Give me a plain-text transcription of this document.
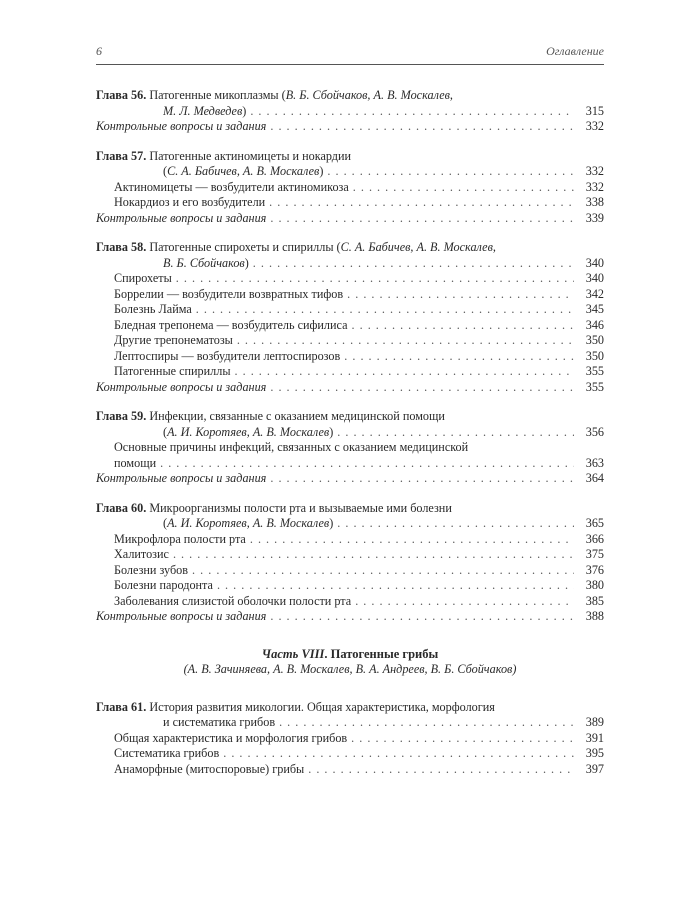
6	Оглавление
Глава 56. Патогенные микоплазмы (В. Б. Сбойчаков, А. В. Москалев,
М. Л. Медведев) . . .	315
Контрольные вопросы и задания . . .	332
Глава 57. Патогенные актиномицеты и нокардии
(С. А. Бабичев, А. В. Москалев) . . .	332
Актиномицеты — возбудители актиномикоза . . .	332
Нокардиоз и его возбудители . . .	338
Контрольные вопросы и задания . . .	339
Глава 58. Патогенные спирохеты и спириллы (С. А. Бабичев, А. В. Москалев,
В. Б. Сбойчаков) . . .	340
Спирохеты . . .	340
Боррелии — возбудители возвратных тифов . . .	342
Болезнь Лайма . . .	345
Бледная трепонема — возбудитель сифилиса . . .	346
Другие трепонематозы . . .	350
Лептоспиры — возбудители лептоспирозов . . .	350
Патогенные спириллы . . .	355
Контрольные вопросы и задания . . .	355
Глава 59. Инфекции, связанные с оказанием медицинской помощи
(А. И. Коротяев, А. В. Москалев) . . .	356
Основные причины инфекций, связанных с оказанием медицинской
помощи . . .	363
Контрольные вопросы и задания . . .	364
Глава 60. Микроорганизмы полости рта и вызываемые ими болезни
(А. И. Коротяев, А. В. Москалев) . . .	365
Микрофлора полости рта . . .	366
Халитозис . . .	375
Болезни зубов . . .	376
Болезни пародонта . . .	380
Заболевания слизистой оболочки полости рта . . .	385
Контрольные вопросы и задания . . .	388
Часть VIII. Патогенные грибы
(А. В. Зачиняева, А. В. Москалев, В. А. Андреев, В. Б. Сбойчаков)
Глава 61. История развития микологии. Общая характеристика, морфология
и систематика грибов . . .	389
Общая характеристика и морфология грибов . . .	391
Систематика грибов . . .	395
Анаморфные (митоспоровые) грибы . . .	397
